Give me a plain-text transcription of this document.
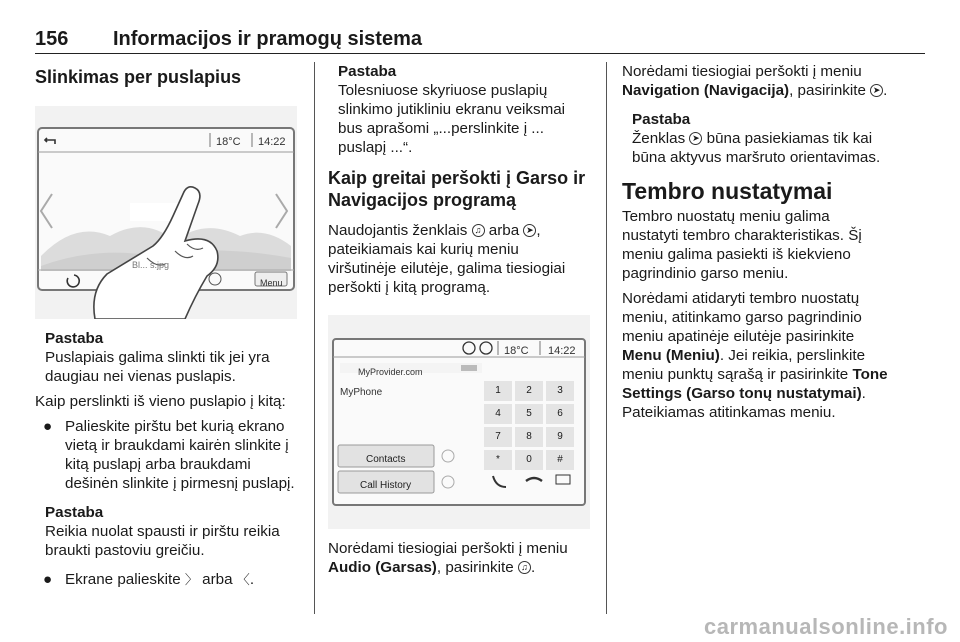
156 Informacijos ir pramogų sistema
Slinkimas per puslapius
18°C 14:22
Bl... s.jpg
Menu

Pastaba

Puslapiais galima slinkti tik jei yra daugiau nei vienas puslapis.

Kaip perslinkti iš vieno puslapio į kitą:

● Palieskite pirštu bet kurią ekrano vietą ir braukdami kairėn slinkite į kitą puslapį arba braukdami dešinėn slinkite į pirmesnį puslapį.

Pastaba

Reikia nuolat spausti ir pirštu reikia braukti pastoviu greičiu.

● Ekrane palieskite 〉 arba 〈.

Pastaba

Tolesniuose skyriuose puslapių slinkimo jutikliniu ekranu veiksmai bus aprašomi „...perslinkite į ... puslapį ...“.

Kaip greitai peršokti į Garso ir Navigacijos programą

Naudojantis ženklais ♫ arba ➤ , pateikiamais kai kurių meniu viršutinėje eilutėje, galima tiesiogiai peršokti į kitą programą.

18°C 14:22
MyProvider.com
MyPhone	1	2	3
4	5	6
7	8	9
*	0	#
Contacts
Call History

Norėdami tiesiogiai peršokti į meniu Audio (Garsas), pasirinkite ♫ .

Norėdami tiesiogiai peršokti į meniu Navigation (Navigacija), pasirinkite ➤ .

Pastaba

Ženklas ➤ būna pasiekiamas tik kai būna aktyvus maršruto orientavimas.

Tembro nustatymai

Tembro nuostatų meniu galima nustatyti tembro charakteristikas. Šį meniu galima pasiekti iš kiekvieno pagrindinio garso meniu.

Norėdami atidaryti tembro nuostatų meniu, atitinkamo garso pagrindinio meniu apatinėje eilutėje pasirinkite Menu (Meniu). Jei reikia, perslinkite meniu punktų sąrašą ir pasirinkite Tone Settings (Garso tonų nustatymai). Pateikiamas atitinkamas meniu.

carmanualsonline.info
